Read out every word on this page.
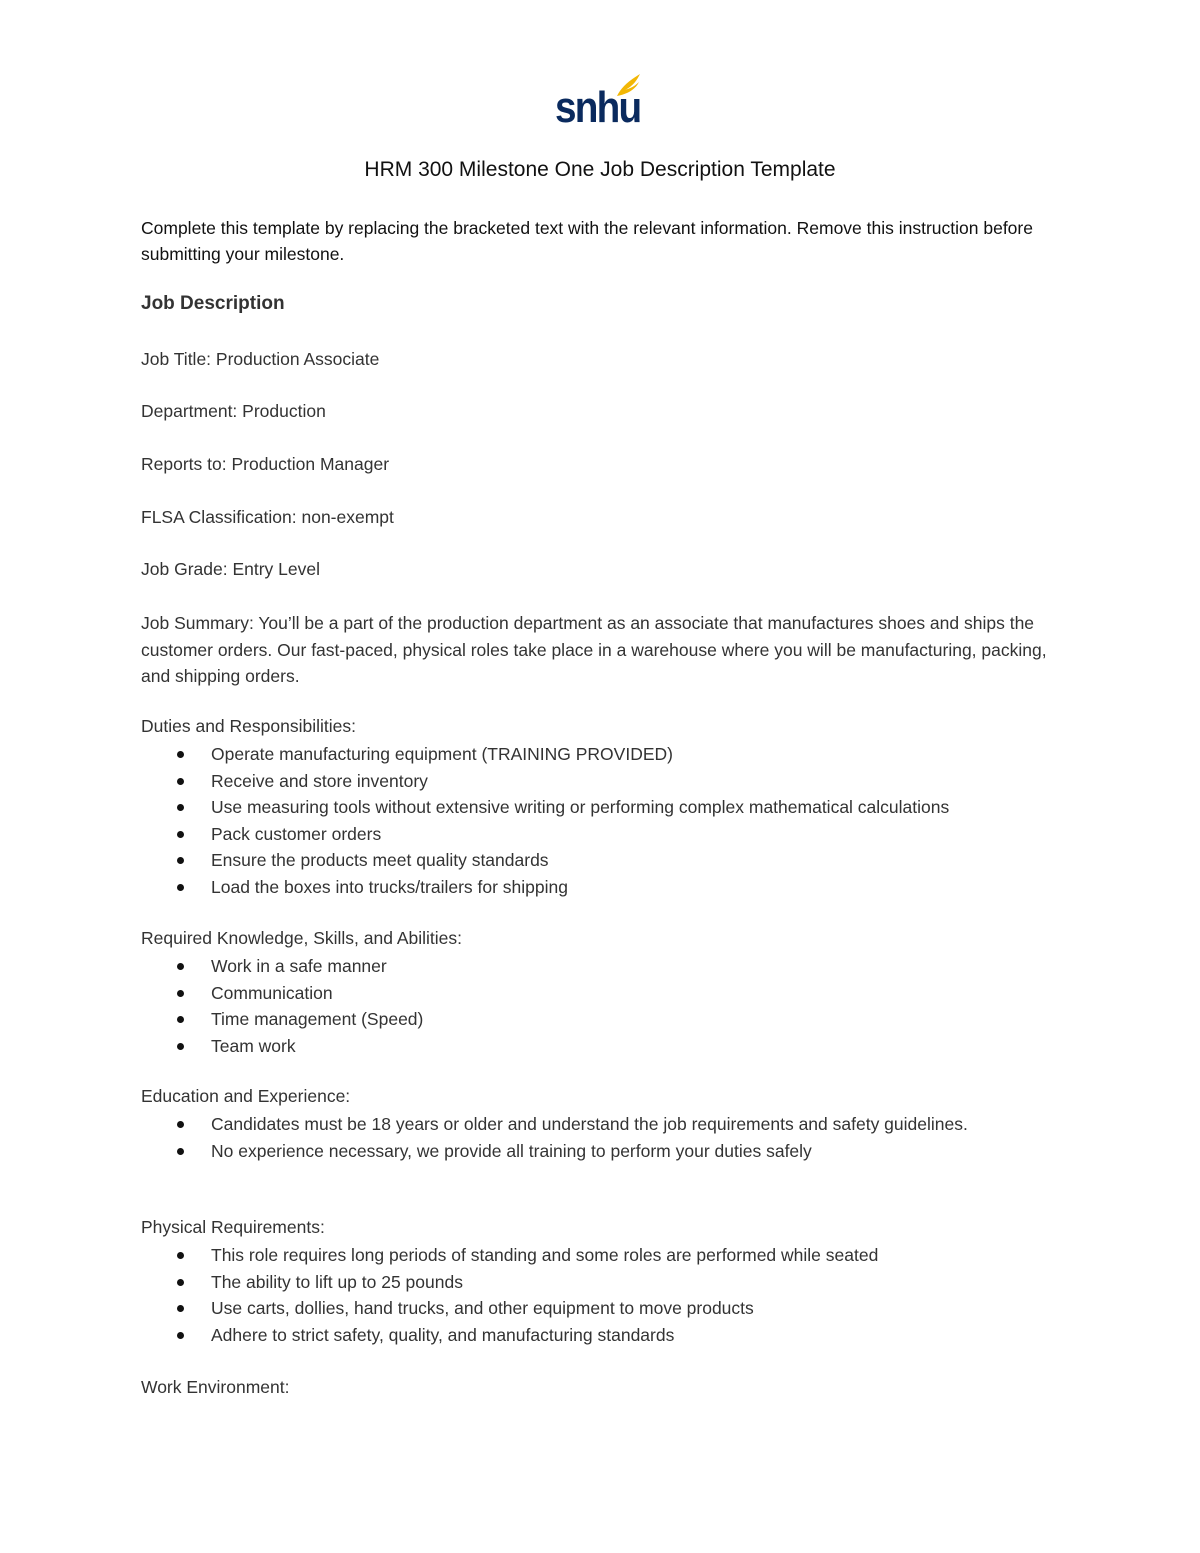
snhu
HRM 300 Milestone One Job Description Template
Complete this template by replacing the bracketed text with the relevant information. Remove this instruction before submitting your milestone.
Job Description
Job Title: Production Associate
Department: Production
Reports to: Production Manager
FLSA Classification: non-exempt
Job Grade: Entry Level
Job Summary: You’ll be a part of the production department as an associate that manufactures shoes and ships the customer orders. Our fast-paced, physical roles take place in a warehouse where you will be manufacturing, packing, and shipping orders.
Duties and Responsibilities:
Operate manufacturing equipment (TRAINING PROVIDED)
Receive and store inventory
Use measuring tools without extensive writing or performing complex mathematical calculations
Pack customer orders
Ensure the products meet quality standards
Load the boxes into trucks/trailers for shipping
Required Knowledge, Skills, and Abilities:
Work in a safe manner
Communication
Time management (Speed)
Team work
Education and Experience:
Candidates must be 18 years or older and understand the job requirements and safety guidelines.
No experience necessary, we provide all training to perform your duties safely
Physical Requirements:
This role requires long periods of standing and some roles are performed while seated
The ability to lift up to 25 pounds
Use carts, dollies, hand trucks, and other equipment to move products
Adhere to strict safety, quality, and manufacturing standards
Work Environment:
